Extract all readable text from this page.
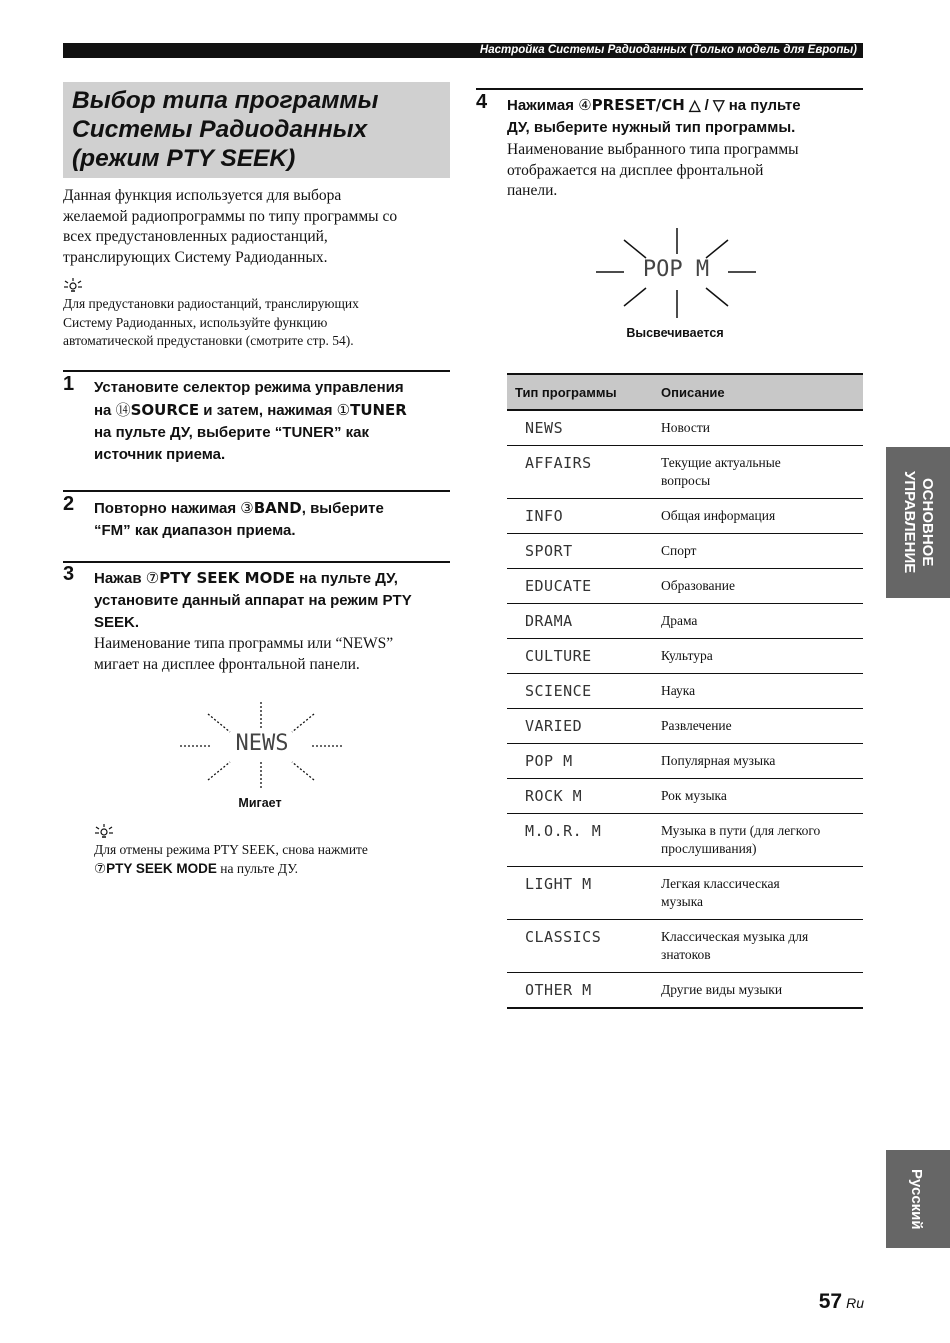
Настройка Системы Радиоданных (Только модель для Европы)
Выбор типа программы
Системы Радиоданных
(режим PTY SEEK)
Данная функция используется для выбора
желаемой радиопрограммы по типу программы со
всех предустановленных радиостанций,
транслирующих Систему Радиоданных.
Для предустановки радиостанций, транслирующих
Систему Радиоданных, используйте функцию
автоматической предустановки (смотрите стр. 54).
1 Установите селектор режима управления
на ⑭SOURCE и затем, нажимая ①TUNER
на пульте ДУ, выберите “TUNER” как
источник приема.
2 Повторно нажимая ③BAND, выберите
“FM” как диапазон приема.
3 Нажав ⑦PTY SEEK MODE на пульте ДУ,
установите данный аппарат на режим PTY
SEEK.
Наименование типа программы или “NEWS”
мигает на дисплее фронтальной панели.
NEWS
Мигает
Для отмены режима PTY SEEK, снова нажмите
⑦PTY SEEK MODE на пульте ДУ.
4 Нажимая ④PRESET/CH △ / ▽ на пульте
ДУ, выберите нужный тип программы.
Наименование выбранного типа программы
отображается на дисплее фронтальной
панели.
POP M
Высвечивается
Тип программы	Описание
NEWS	Новости
AFFAIRS	Текущие актуальные
вопросы
INFO	Общая информация
SPORT	Спорт
EDUCATE	Образование
DRAMA	Драма
CULTURE	Культура
SCIENCE	Наука
VARIED	Развлечение
POP M	Популярная музыка
ROCK M	Рок музыка
M.O.R. M	Музыка в пути (для легкого
прослушивания)
LIGHT M	Легкая классическая
музыка
CLASSICS	Классическая музыка для
знатоков
OTHER M	Другие виды музыки
ОСНОВНОЕ
УПРАВЛЕНИЕ
Русский
57 Ru
